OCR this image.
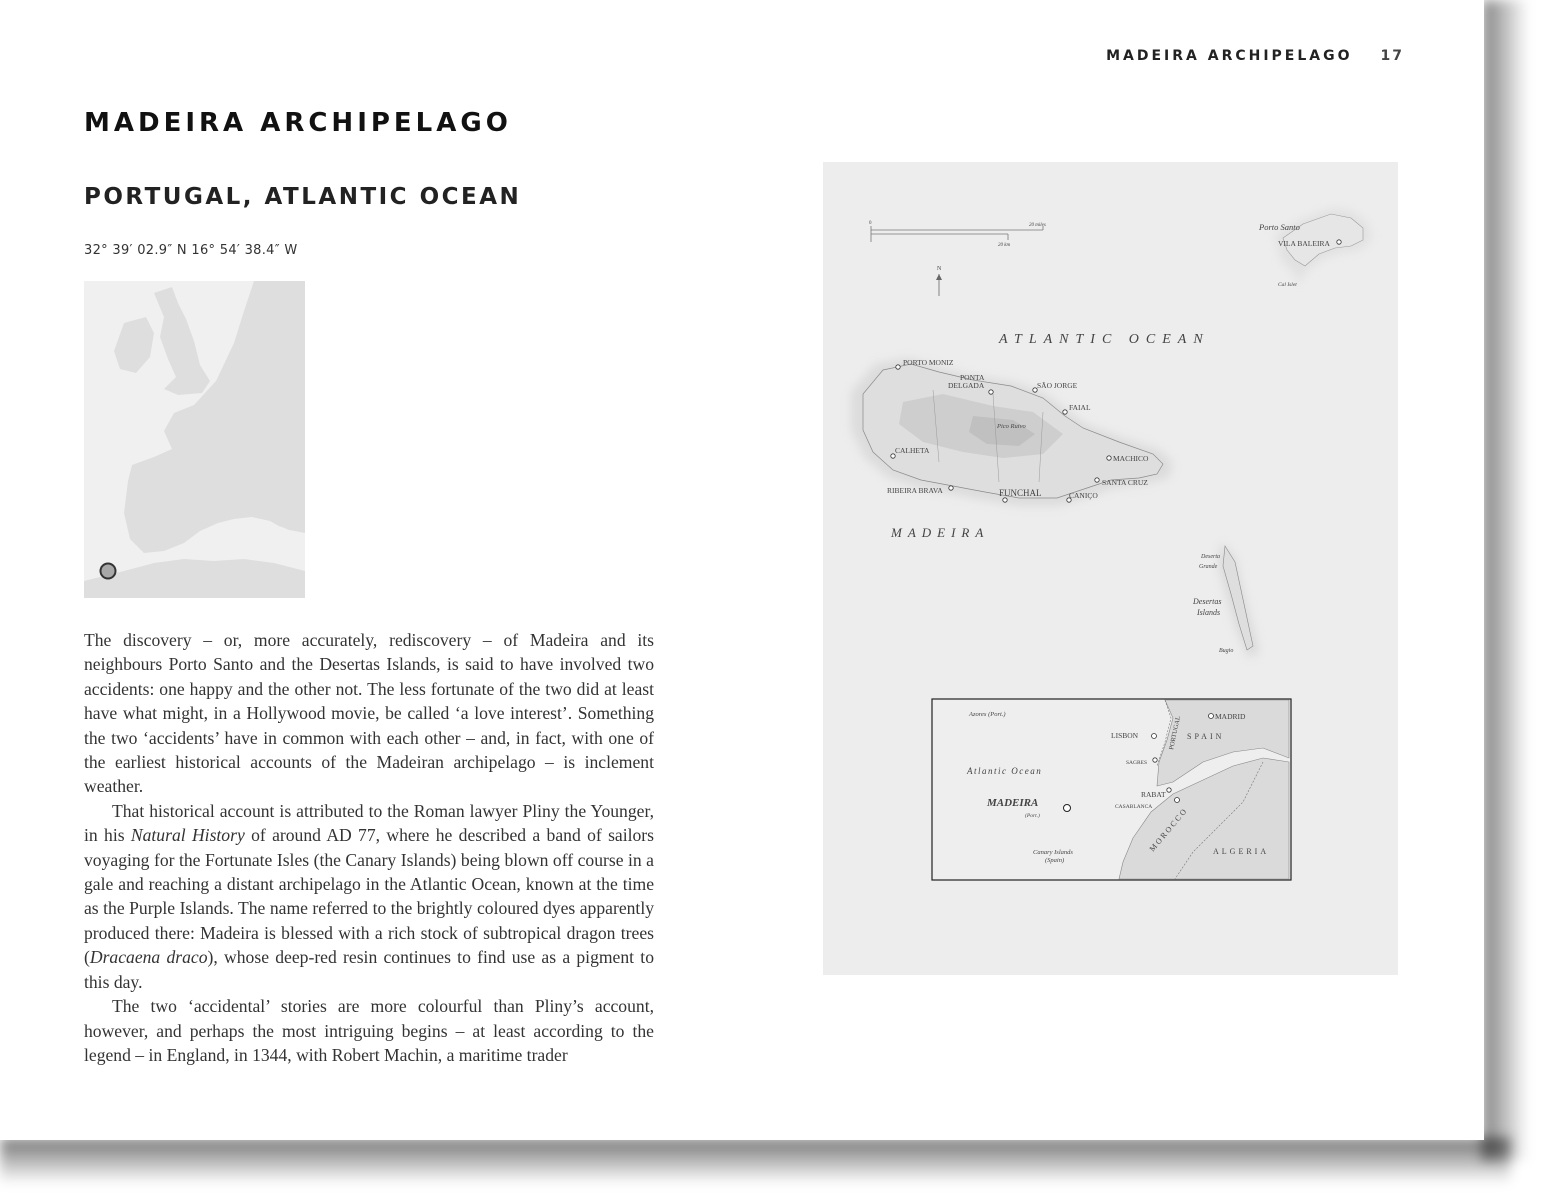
MADEIRA ARCHIPELAGO 17
MADEIRA ARCHIPELAGO
PORTUGAL, ATLANTIC OCEAN
32° 39′ 02.9″ N 16° 54′ 38.4″ W

The discovery – or, more accurately, rediscovery – of Madeira and its neighbours Porto Santo and the Desertas Islands, is said to have involved two accidents: one happy and the other not. The less fortunate of the two did at least have what might, in a Hollywood movie, be called ‘a love interest’. Something the two ‘accidents’ have in common with each other – and, in fact, with one of the earliest historical accounts of the Madeiran archipelago – is inclement weather.

That historical account is attributed to the Roman lawyer Pliny the Younger, in his Natural History of around AD 77, where he described a band of sailors voyaging for the Fortunate Isles (the Canary Islands) being blown off course in a gale and reaching a distant archipelago in the Atlantic Ocean, known at the time as the Purple Islands. The name referred to the brightly coloured dyes apparently produced there: Madeira is blessed with a rich stock of subtropical dragon trees (Dracaena draco), whose deep-red resin continues to find use as a pigment to this day.

The two ‘accidental’ stories are more colourful than Pliny’s account, however, and perhaps the most intriguing begins – at least according to the legend – in England, in 1344, with Robert Machin, a maritime trader

0	20 miles
20 km
N
Porto Santo
VILA BALEIRA
Cal Islet
ATLANTIC OCEAN
PORTO MONIZ
PONTA
DELGADA	SÃO JORGE
FAIAL
Pico Ruivo
CALHETA
MACHICO
SANTA CRUZ
RIBEIRA BRAVA	FUNCHAL	CANIÇO
MADEIRA
Deserta
Grande
Desertas
Islands
Bugio
Azores (Port.)
PORTUGAL	MADRID
LISBON	SPAIN
SAGRES
Atlantic Ocean
RABAT
CASABLANCA
MADEIRA
(Port.)	MOROCCO
Canary Islands
(Spain)
ALGERIA
